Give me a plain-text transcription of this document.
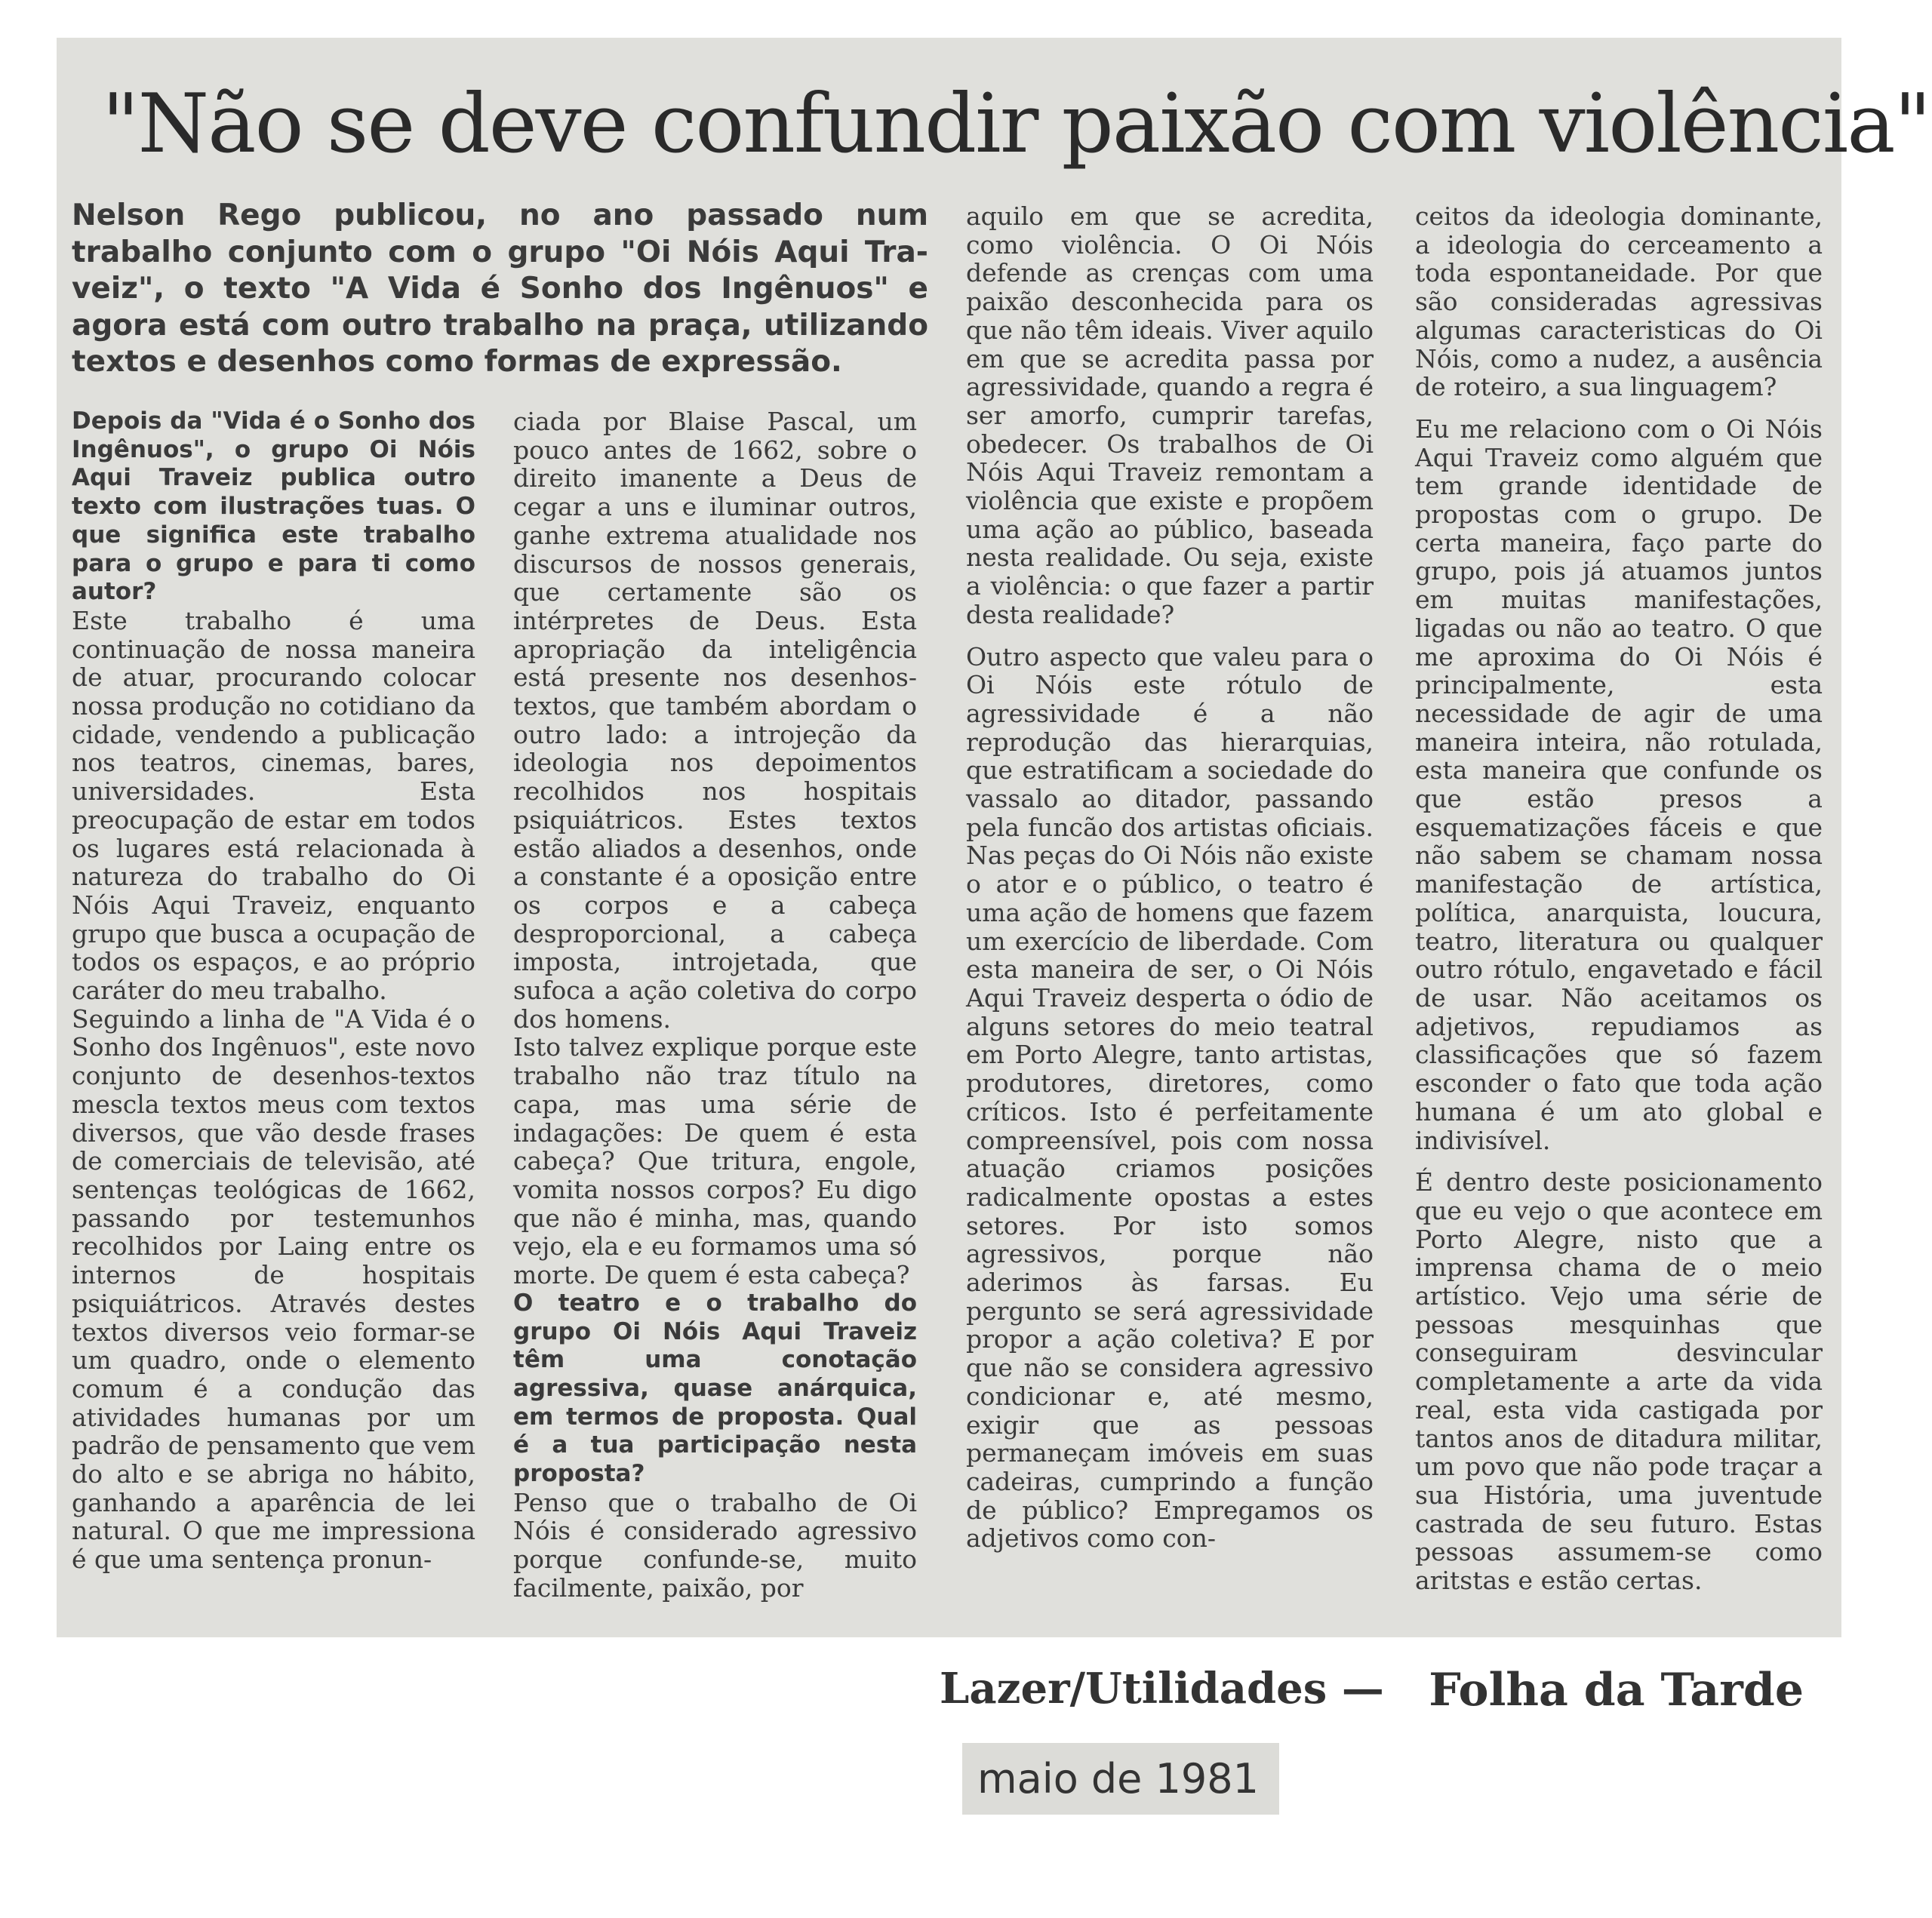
"Não se deve confundir paixão com violência"
Nelson Rego publicou, no ano passado num
trabalho conjunto com o grupo "Oi Nóis Aqui Tra-
veiz", o texto "A Vida é Sonho dos Ingênuos" e
agora está com outro trabalho na praça, utilizando
textos e desenhos como formas de expressão.

Depois da "Vida é o Sonho dos Ingênuos", o grupo Oi Nóis Aqui Traveiz publica outro texto com ilustrações tuas. O que significa este trabalho para o grupo e para ti como autor?

Este trabalho é uma continuação de nossa maneira de atuar, procurando colocar nossa produção no cotidiano da cidade, vendendo a publicação nos teatros, cinemas, bares, universidades. Esta preocupação de estar em todos os lugares está relacionada à natureza do trabalho do Oi Nóis Aqui Traveiz, enquanto grupo que busca a ocupação de todos os espaços, e ao próprio caráter do meu trabalho.

Seguindo a linha de "A Vida é o Sonho dos Ingênuos", este novo conjunto de desenhos-textos mescla textos meus com textos diversos, que vão desde frases de comerciais de televisão, até sentenças teológicas de 1662, passando por testemunhos recolhidos por Laing entre os internos de hospitais psiquiátricos. Através destes textos diversos veio formar-se um quadro, onde o elemento comum é a condução das atividades humanas por um padrão de pensamento que vem do alto e se abriga no hábito, ganhando a aparência de lei natural. O que me impressiona é que uma sentença pronun-

ciada por Blaise Pascal, um pouco antes de 1662, sobre o direito imanente a Deus de cegar a uns e iluminar outros, ganhe extrema atualidade nos discursos de nossos generais, que certamente são os intérpretes de Deus. Esta apropriação da inteligência está presente nos desenhos-textos, que também abordam o outro lado: a introjeção da ideologia nos depoimentos recolhidos nos hospitais psiquiátricos. Estes textos estão aliados a desenhos, onde a constante é a oposição entre os corpos e a cabeça desproporcional, a cabeça imposta, introjetada, que sufoca a ação coletiva do corpo dos homens.

Isto talvez explique porque este trabalho não traz título na capa, mas uma série de indagações: De quem é esta cabeça? Que tritura, engole, vomita nossos corpos? Eu digo que não é minha, mas, quando vejo, ela e eu formamos uma só morte. De quem é esta cabeça?

O teatro e o trabalho do grupo Oi Nóis Aqui Traveiz têm uma conotação agressiva, quase anárquica, em termos de proposta. Qual é a tua participação nesta proposta?

Penso que o trabalho de Oi Nóis é considerado agressivo porque confunde-se, muito facilmente, paixão, por

aquilo em que se acredita, como violência. O Oi Nóis defende as crenças com uma paixão desconhecida para os que não têm ideais. Viver aquilo em que se acredita passa por agressividade, quando a regra é ser amorfo, cumprir tarefas, obedecer. Os trabalhos de Oi Nóis Aqui Traveiz remontam a violência que existe e propõem uma ação ao público, baseada nesta realidade. Ou seja, existe a violência: o que fazer a partir desta realidade?

Outro aspecto que valeu para o Oi Nóis este rótulo de agressividade é a não reprodução das hierarquias, que estratificam a sociedade do vassalo ao ditador, passando pela funcão dos artistas oficiais. Nas peças do Oi Nóis não existe o ator e o público, o teatro é uma ação de homens que fazem um exercício de liberdade. Com esta maneira de ser, o Oi Nóis Aqui Traveiz desperta o ódio de alguns setores do meio teatral em Porto Alegre, tanto artistas, produtores, diretores, como críticos. Isto é perfeitamente compreensível, pois com nossa atuação criamos posições radicalmente opostas a estes setores. Por isto somos agressivos, porque não aderimos às farsas. Eu pergunto se será agressividade propor a ação coletiva? E por que não se considera agressivo condicionar e, até mesmo, exigir que as pessoas permaneçam imóveis em suas cadeiras, cumprindo a função de público? Empregamos os adjetivos como con-

ceitos da ideologia dominante, a ideologia do cerceamento a toda espontaneidade. Por que são consideradas agressivas algumas caracteristicas do Oi Nóis, como a nudez, a ausência de roteiro, a sua linguagem?

Eu me relaciono com o Oi Nóis Aqui Traveiz como alguém que tem grande identidade de propostas com o grupo. De certa maneira, faço parte do grupo, pois já atuamos juntos em muitas manifestações, ligadas ou não ao teatro. O que me aproxima do Oi Nóis é principalmente, esta necessidade de agir de uma maneira inteira, não rotulada, esta maneira que confunde os que estão presos a esquematizações fáceis e que não sabem se chamam nossa manifestação de artística, política, anarquista, loucura, teatro, literatura ou qualquer outro rótulo, engavetado e fácil de usar. Não aceitamos os adjetivos, repudiamos as classificações que só fazem esconder o fato que toda ação humana é um ato global e indivisível.

É dentro deste posicionamento que eu vejo o que acontece em Porto Alegre, nisto que a imprensa chama de o meio artístico. Vejo uma série de pessoas mesquinhas que conseguiram desvincular completamente a arte da vida real, esta vida castigada por tantos anos de ditadura militar, um povo que não pode traçar a sua História, uma juventude castrada de seu futuro. Estas pessoas assumem-se como aritstas e estão certas.

Lazer/Utilidades — Folha da Tarde
maio de 1981
